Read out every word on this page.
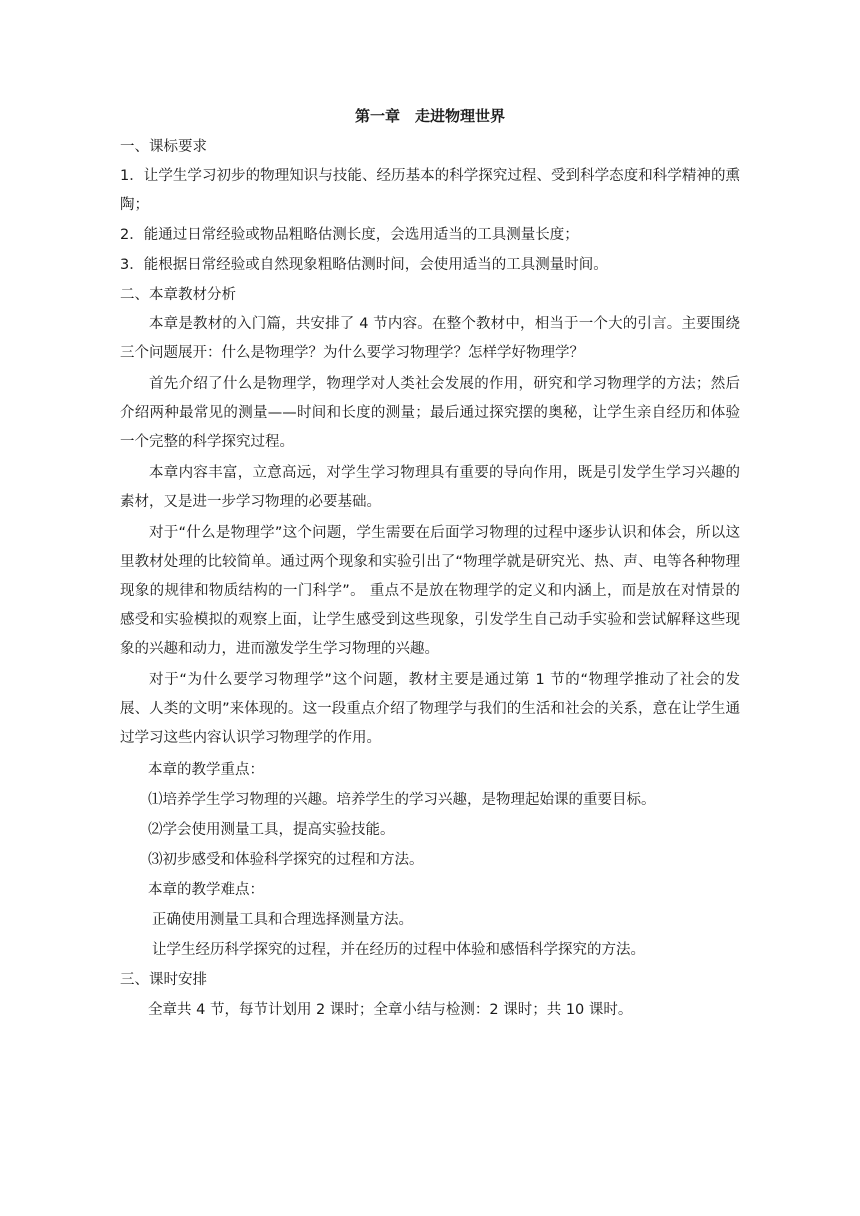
第一章　走进物理世界

一、课标要求

1．让学生学习初步的物理知识与技能、经历基本的科学探究过程、受到科学态度和科学精神的熏陶；

2．能通过日常经验或物品粗略估测长度，会选用适当的工具测量长度；

3．能根据日常经验或自然现象粗略估测时间，会使用适当的工具测量时间。

二、本章教材分析

本章是教材的入门篇，共安排了 4 节内容。在整个教材中，相当于一个大的引言。主要围绕三个问题展开：什么是物理学？为什么要学习物理学？怎样学好物理学？

首先介绍了什么是物理学，物理学对人类社会发展的作用，研究和学习物理学的方法；然后介绍两种最常见的测量——时间和长度的测量；最后通过探究摆的奥秘，让学生亲自经历和体验一个完整的科学探究过程。

本章内容丰富，立意高远，对学生学习物理具有重要的导向作用，既是引发学生学习兴趣的素材，又是进一步学习物理的必要基础。

对于“什么是物理学”这个问题，学生需要在后面学习物理的过程中逐步认识和体会，所以这里教材处理的比较简单。通过两个现象和实验引出了“物理学就是研究光、热、声、电等各种物理现象的规律和物质结构的一门科学”。 重点不是放在物理学的定义和内涵上，而是放在对情景的感受和实验模拟的观察上面，让学生感受到这些现象，引发学生自己动手实验和尝试解释这些现象的兴趣和动力，进而激发学生学习物理的兴趣。

对于“为什么要学习物理学”这个问题，教材主要是通过第 1 节的“物理学推动了社会的发展、人类的文明”来体现的。这一段重点介绍了物理学与我们的生活和社会的关系，意在让学生通过学习这些内容认识学习物理学的作用。

本章的教学重点：

⑴培养学生学习物理的兴趣。培养学生的学习兴趣，是物理起始课的重要目标。

⑵学会使用测量工具，提高实验技能。

⑶初步感受和体验科学探究的过程和方法。

本章的教学难点：

正确使用测量工具和合理选择测量方法。

让学生经历科学探究的过程，并在经历的过程中体验和感悟科学探究的方法。

三、课时安排

全章共 4 节，每节计划用 2 课时；全章小结与检测：2 课时；共 10 课时。
